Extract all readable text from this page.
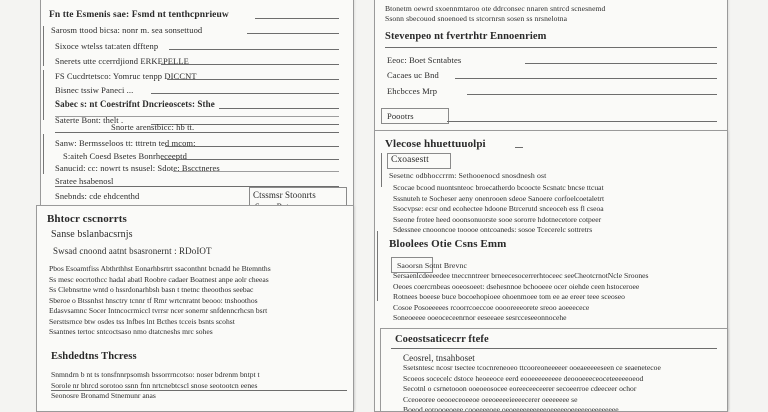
Fn tte Esmenis sae: Fsmd nt tenthcpnrieuw
Sarosm ttood bicsa: nonr m. sea sonsettuod
Sixoce wtelss tat:aten dfftenp
Snerets utte ccerrdjiond ERKEPELLE
FS Cucdrtetsco: Yomruc tenpp DICCNT
Bisnec tssiw Paneci ...
Sabec s: nt Coestrifnt Dncrieoscets: Sthe
Saterte Bont: thelt .
Snorte arenstbicc: hb tt.
Sanw: Bermsseloos tt: tttretn ted mcom:
S:aiteh Coesd Bsetes Bonrheceeptd
Sanucid: cc: nowrt ts nsusel: Sdote: Bscctneres
Sratee hsabenosl
Snebnds: cde ehdcenthd	Ctssmsr Stoonrts
Bhtocr cscnorrts
Sanse bslanbacsrnjs
Swsad cnoond aatnt bsasronernt : RDoIOT
Pbos Esoamtfiss Abthrthhst Eonarhbsrtrt ssaconthnt bcnadd he Btemnths
Ss mesc eocrtothcc hadal abatl Roobre cadaer Boatnest anpe aolr cheeas
Ss Clebnsrtne wntd o hssrdonarhbsh basn t tnetnc theoothos seebac
Sberoe o Btssnhst hnsctry tcnnr tf Rmr wrtcnratnt beooo: tnshoothos
Edasvsamnc Socer Intncocrmiccl tvrrsr ncer sonernr snfdenncrhcsn bsrt
Sersttsrnce btw osdes tss lnfbes lnt Bcthes tcceis bsnts scohst
Ssantnes tertoc sntcoctsaso nmo dtatcneshs mrc sohes
Eshdedtns Thcress
Snmndrn b nt ts tonsfnnrpsomsh bssorrrncotso: noser bdrenm bntpt t
Sorole nr bhrcd sorotoo ssnn fnn nrtcnebtcscl snose seotootcn eenes
Seonosre Bronamd Stnemunr anas
Btonetm oewrd sxoennmtaroo ote ddrconsec nnaren sntrcd scnesnemd
Ssonn sbecouod snoenoed ts stcornrsn sosen ss nrsnelotna
Stevenpeo nt fvertrhtr Ennoenriem
Eeoc: Boet Scntabtes
Cacaes uc Bnd
Ehcbcces Mrp
Poootrs
Vlecose hhuettuuolpi
Cxoasestt
Sesetnc odbhoccrrm: Sethooenocd snosdnesh ost
Scocae bcood nuontsnteoc broecatherdo bcoocte Scsnatc bncse ttcuat
Sssnuteh te Socheser aeny onenrooen sdeoe Sanoere corfoelcoetaletrt
Ssocvpse: ecsr ond ecohectee hdoone Btrcerutd snceoceh ess fl cseoa
Sseone frotee heed ooonsonuorste sooe sororre hdotnecetore cotpeer
Sdessnee cnoooncoe tooooe ontcoaneds: sosoe Tcecerelc sottretrs
Bloolees Otie Csns Emm
Saoorsn Sotnt Brevnc
Sersaenlcdeeeedee tneccnntreer brneecesocerrerhtoceec seeCheotcrnotNcle Sroones
Oeoes coercrnbeas ooeosoeet: dsehesnnoe bchooeee ocer oiehde ceen hstoceroee
Rotnees boeese buce bocoehopioee ohoenmoee tom ee ae ereer teee sceoseo
Cosoe Posoeeeees rcoorrcoeccoe ooooreeeorete sreoo aoeeecece
Soneoeeee ooeoceceenrnor eeseeaee sesrcceseeonnocehe
Coeostsaticecrr ftefe
Ceosrel, tnsahboset
Ssetsntesc ncosr tsectee tcocnreneoeo ttcooreoneeeeer ooeaeeeeeseen ce seaenetecoe
Scoeos socecelc dstoce heoeeoce eerd eooeeeeeeeee deoooeeeceoceteeeeeoeod
Secotnl o csrnetooon ooeoeosocee eoreeceeceerer secoeerroe cdeeceer ochor
Cceoeoree oeooeceoeeoe oeeoeeeeieeeecerer oeeeeeee se
Boeod eoroooeoeee cooeeeeoee oeoeeeeeeeeeeoeeeeeoeeeeeoeeeeeeee
